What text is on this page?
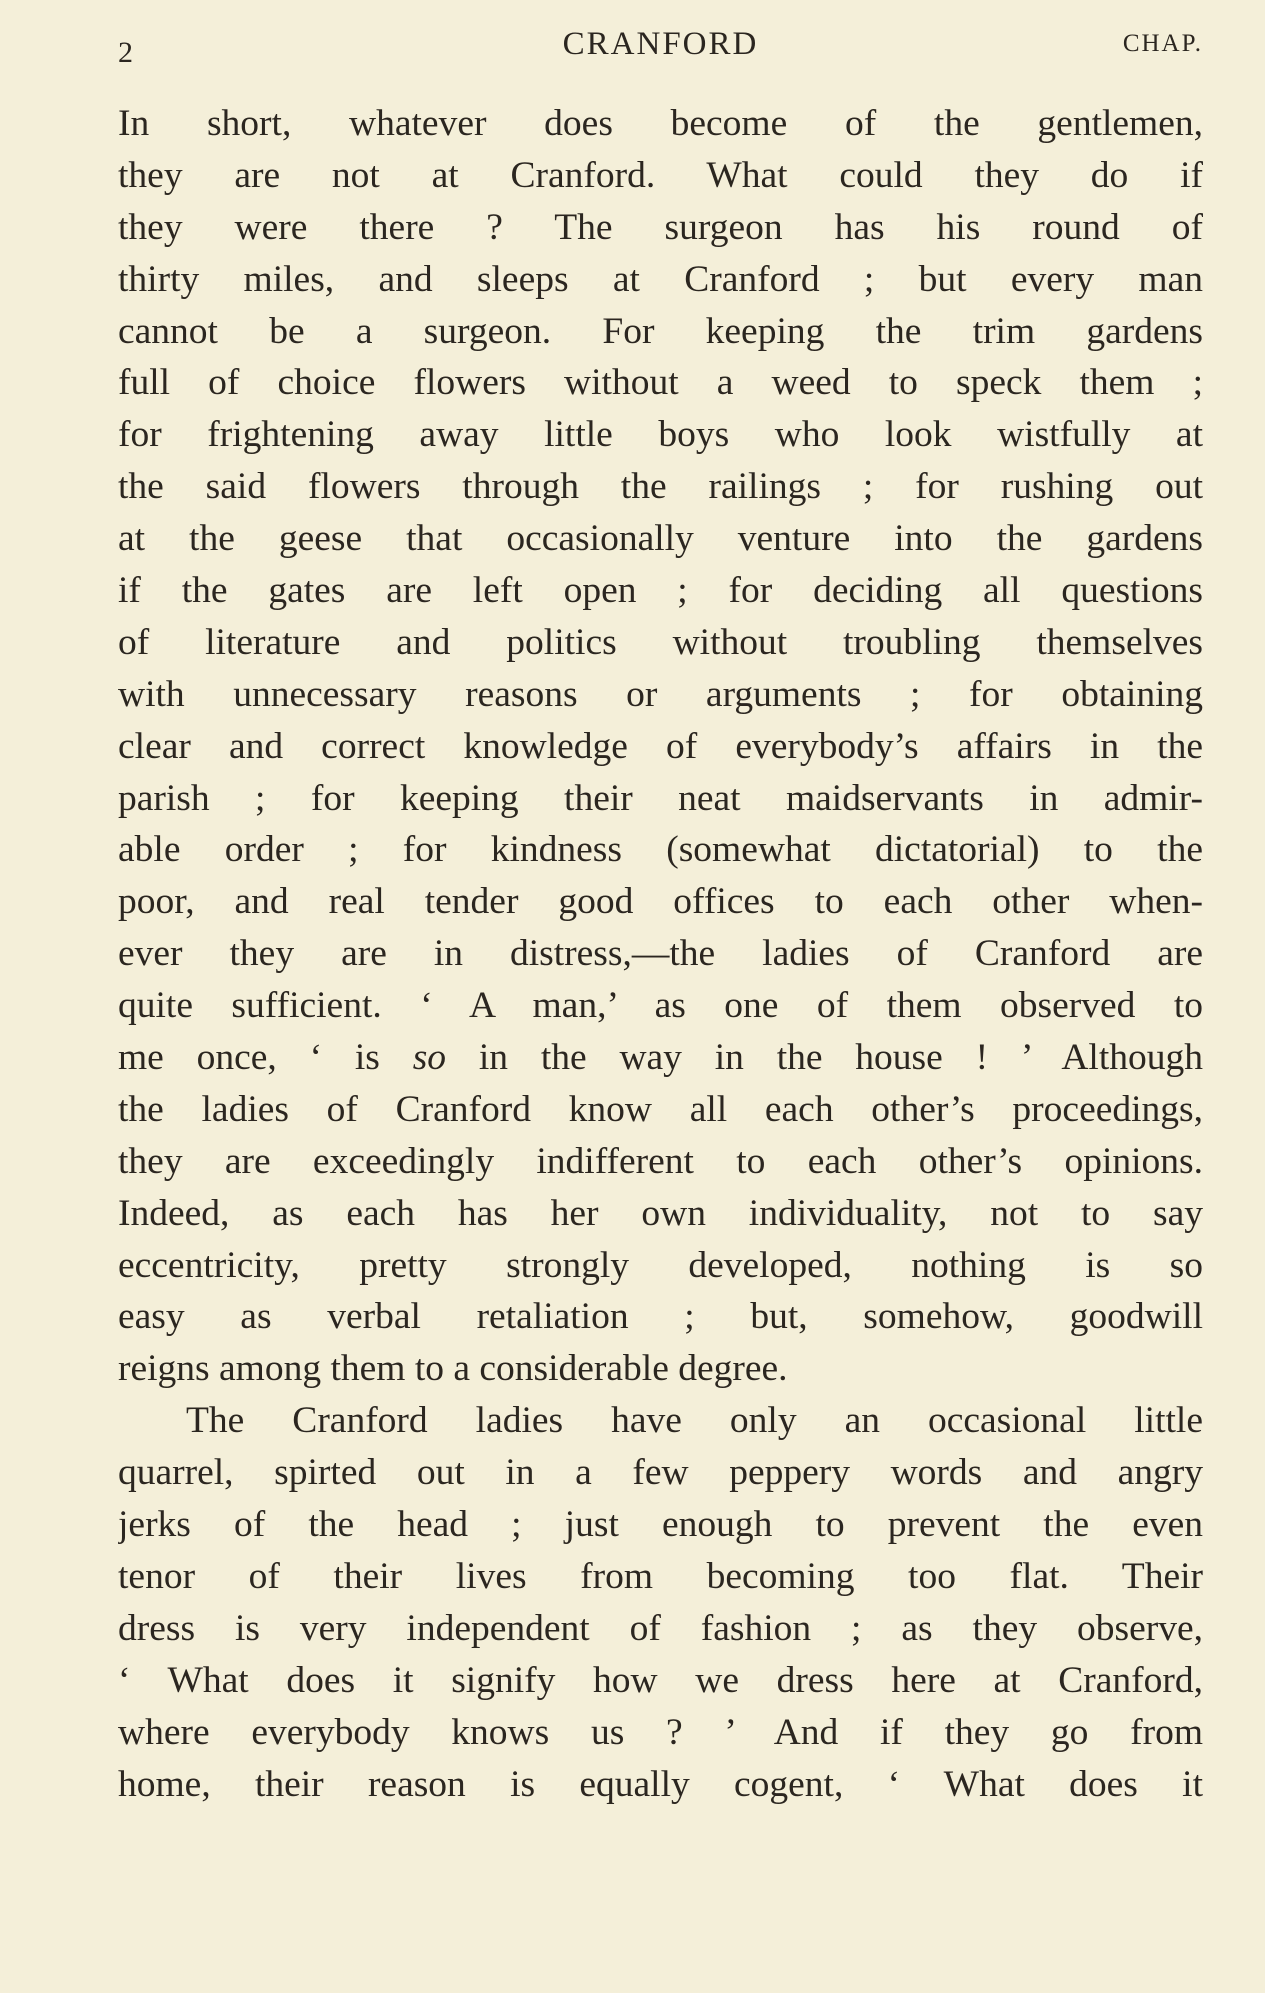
2	CRANFORD	CHAP.
In short, whatever does become of the gentlemen,
they are not at Cranford. What could they do if
they were there ? The surgeon has his round of
thirty miles, and sleeps at Cranford ; but every man
cannot be a surgeon. For keeping the trim gardens
full of choice flowers without a weed to speck them ;
for frightening away little boys who look wistfully at
the said flowers through the railings ; for rushing out
at the geese that occasionally venture into the gardens
if the gates are left open ; for deciding all questions
of literature and politics without troubling themselves
with unnecessary reasons or arguments ; for obtaining
clear and correct knowledge of everybody’s affairs in the
parish ; for keeping their neat maidservants in admir-
able order ; for kindness (somewhat dictatorial) to the
poor, and real tender good offices to each other when-
ever they are in distress,—the ladies of Cranford are
quite sufficient. ‘ A man,’ as one of them observed to
me once, ‘ is so in the way in the house ! ’ Although
the ladies of Cranford know all each other’s proceedings,
they are exceedingly indifferent to each other’s opinions.
Indeed, as each has her own individuality, not to say
eccentricity, pretty strongly developed, nothing is so
easy as verbal retaliation ; but, somehow, goodwill
reigns among them to a considerable degree.
The Cranford ladies have only an occasional little
quarrel, spirted out in a few peppery words and angry
jerks of the head ; just enough to prevent the even
tenor of their lives from becoming too flat. Their
dress is very independent of fashion ; as they observe,
‘ What does it signify how we dress here at Cranford,
where everybody knows us ? ’ And if they go from
home, their reason is equally cogent, ‘ What does it
